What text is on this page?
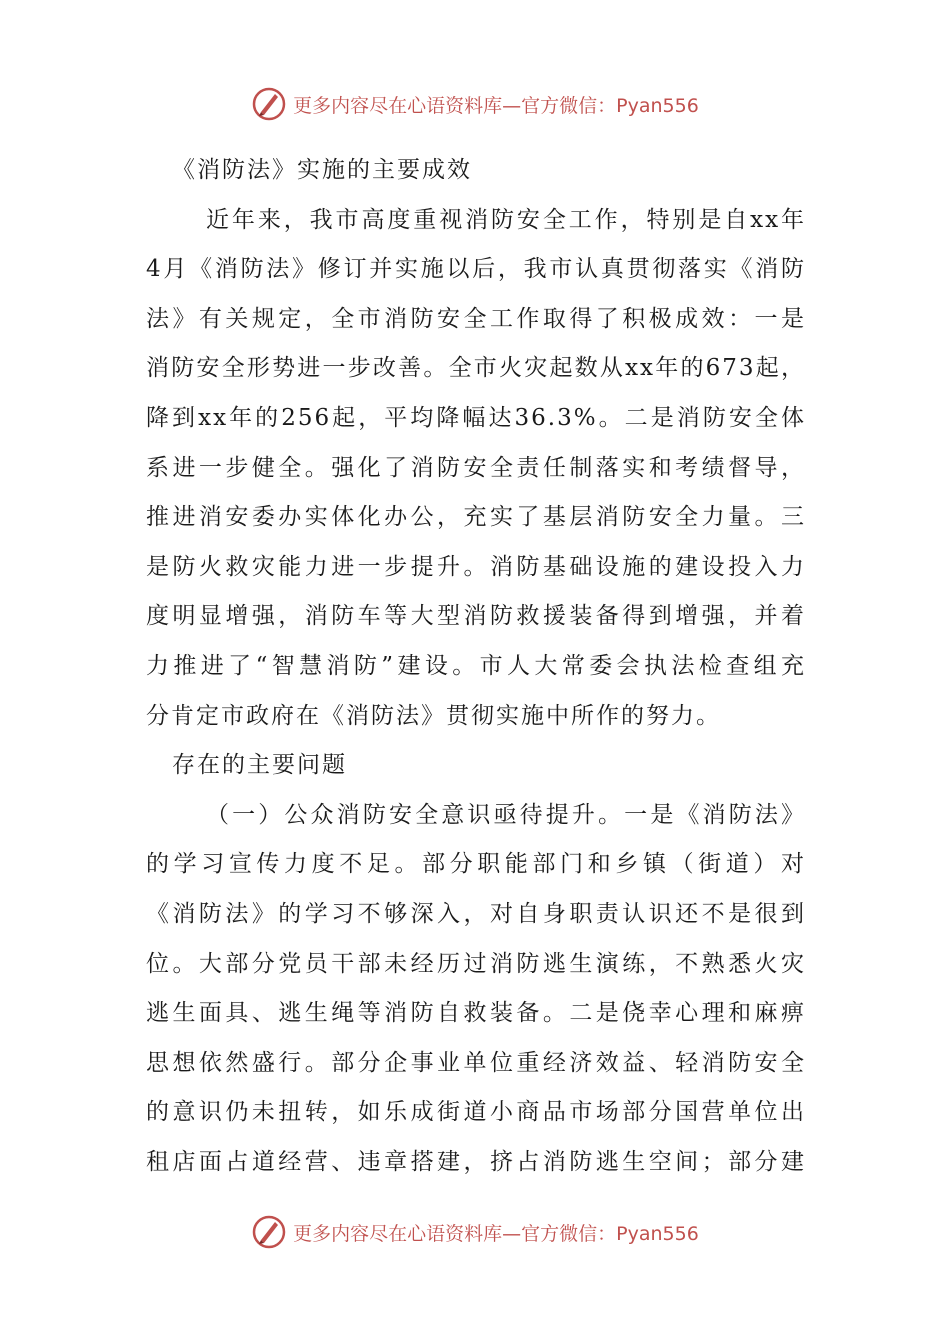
更多内容尽在心语资料库—官方微信：Pyan556
《消防法》实施的主要成效
近年来，我市高度重视消防安全工作，特别是自xx年
4月《消防法》修订并实施以后，我市认真贯彻落实《消防
法》有关规定，全市消防安全工作取得了积极成效：一是
消防安全形势进一步改善。全市火灾起数从xx年的673起，
降到xx年的256起，平均降幅达36.3%。二是消防安全体
系进一步健全。强化了消防安全责任制落实和考绩督导，
推进消安委办实体化办公，充实了基层消防安全力量。三
是防火救灾能力进一步提升。消防基础设施的建设投入力
度明显增强，消防车等大型消防救援装备得到增强，并着
力推进了“智慧消防”建设。市人大常委会执法检查组充
分肯定市政府在《消防法》贯彻实施中所作的努力。
存在的主要问题
（一）公众消防安全意识亟待提升。一是《消防法》
的学习宣传力度不足。部分职能部门和乡镇（街道）对
《消防法》的学习不够深入，对自身职责认识还不是很到
位。大部分党员干部未经历过消防逃生演练，不熟悉火灾
逃生面具、逃生绳等消防自救装备。二是侥幸心理和麻痹
思想依然盛行。部分企事业单位重经济效益、轻消防安全
的意识仍未扭转，如乐成街道小商品市场部分国营单位出
租店面占道经营、违章搭建，挤占消防逃生空间；部分建
更多内容尽在心语资料库—官方微信：Pyan556
